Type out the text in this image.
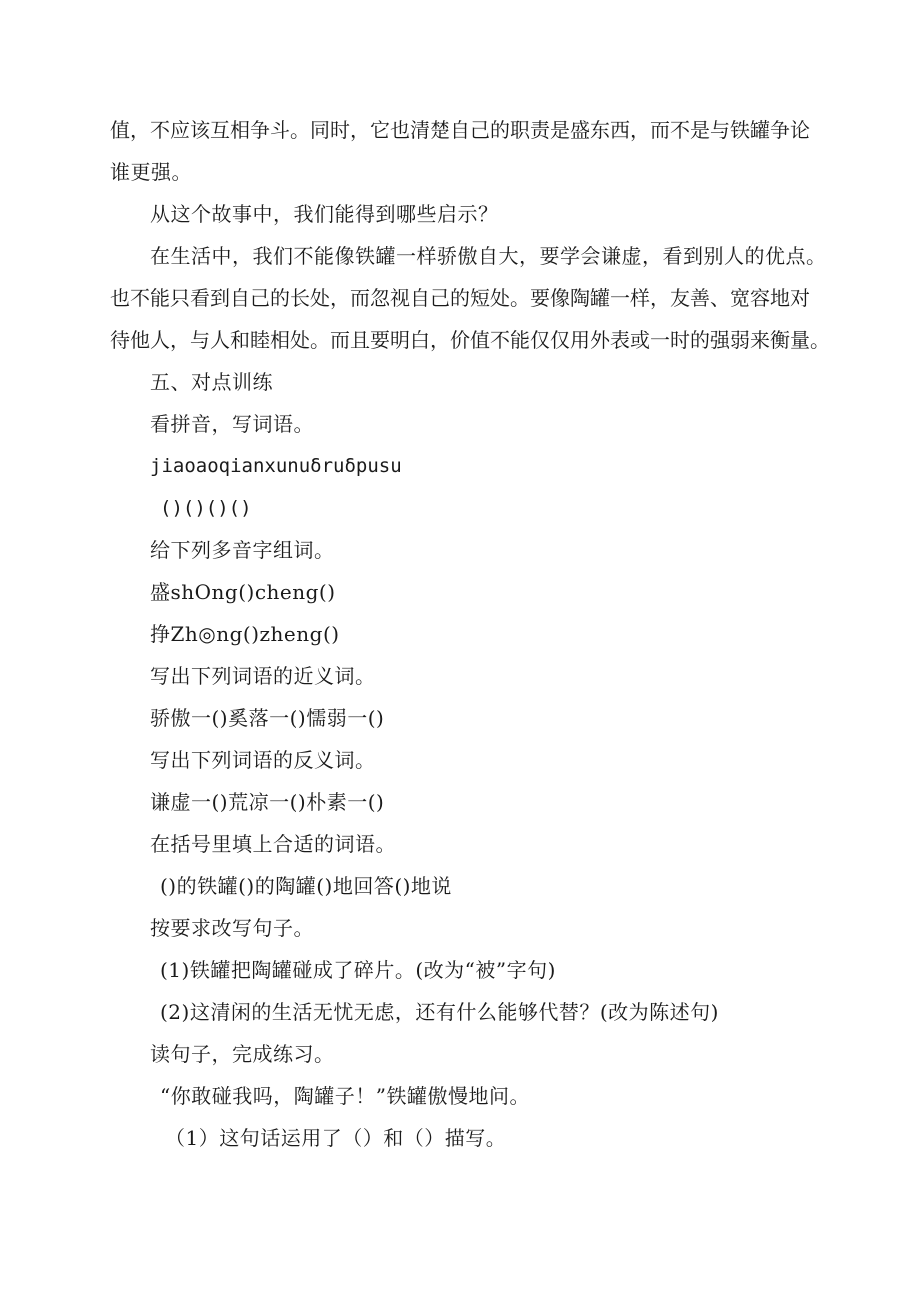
值，不应该互相争斗。同时，它也清楚自己的职责是盛东西，而不是与铁罐争论
谁更强。
从这个故事中，我们能得到哪些启示？
在生活中，我们不能像铁罐一样骄傲自大，要学会谦虚，看到别人的优点。
也不能只看到自己的长处，而忽视自己的短处。要像陶罐一样，友善、宽容地对
待他人，与人和睦相处。而且要明白，价值不能仅仅用外表或一时的强弱来衡量。
五、对点训练
看拼音，写词语。
jiaoaoqianxunuδruδpusu
()()()()
给下列多音字组词。
盛shOng()cheng()
挣Zh◎ng()zheng()
写出下列词语的近义词。
骄傲一()奚落一()懦弱一()
写出下列词语的反义词。
谦虚一()荒凉一()朴素一()
在括号里填上合适的词语。
()的铁罐()的陶罐()地回答()地说
按要求改写句子。
(1)铁罐把陶罐碰成了碎片。(改为“被”字句)
(2)这清闲的生活无忧无虑，还有什么能够代替？(改为陈述句)
读句子，完成练习。
“你敢碰我吗，陶罐子！”铁罐傲慢地问。
（1）这句话运用了（）和（）描写。
